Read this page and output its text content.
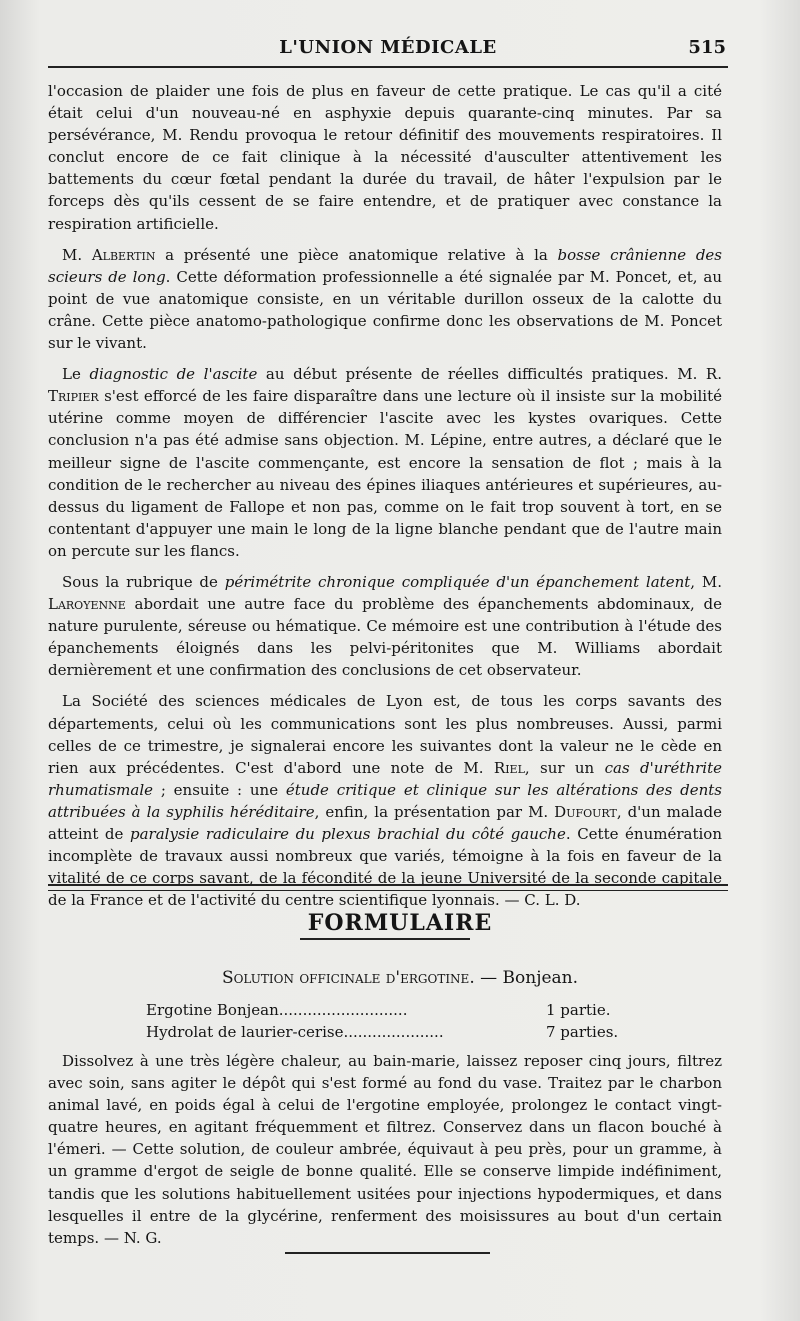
L'UNION MÉDICALE	515

l'occasion de plaider une fois de plus en faveur de cette pratique. Le cas qu'il a cité était celui d'un nouveau-né en asphyxie depuis quarante-cinq minutes. Par sa persévérance, M. Rendu provoqua le retour définitif des mouvements respiratoires. Il conclut encore de ce fait clinique à la nécessité d'ausculter attentivement les battements du cœur fœtal pendant la durée du travail, de hâter l'expulsion par le forceps dès qu'ils cessent de se faire entendre, et de pratiquer avec constance la respiration artificielle.

M. Albertin a présenté une pièce anatomique relative à la bosse crânienne des scieurs de long. Cette déformation professionnelle a été signalée par M. Poncet, et, au point de vue anatomique consiste, en un véritable durillon osseux de la calotte du crâne. Cette pièce anatomo-pathologique confirme donc les observations de M. Poncet sur le vivant.

Le diagnostic de l'ascite au début présente de réelles difficultés pratiques. M. R. Tripier s'est efforcé de les faire disparaître dans une lecture où il insiste sur la mobilité utérine comme moyen de différencier l'ascite avec les kystes ovariques. Cette conclusion n'a pas été admise sans objection. M. Lépine, entre autres, a déclaré que le meilleur signe de l'ascite commençante, est encore la sensation de flot ; mais à la condition de le rechercher au niveau des épines iliaques antérieures et supérieures, au-dessus du ligament de Fallope et non pas, comme on le fait trop souvent à tort, en se contentant d'appuyer une main le long de la ligne blanche pendant que de l'autre main on percute sur les flancs.

Sous la rubrique de périmétrite chronique compliquée d'un épanchement latent, M. Laroyenne abordait une autre face du problème des épanchements abdominaux, de nature purulente, séreuse ou hématique. Ce mémoire est une contribution à l'étude des épanchements éloignés dans les pelvi-péritonites que M. Williams abordait dernièrement et une confirmation des conclusions de cet observateur.

La Société des sciences médicales de Lyon est, de tous les corps savants des départements, celui où les communications sont les plus nombreuses. Aussi, parmi celles de ce trimestre, je signalerai encore les suivantes dont la valeur ne le cède en rien aux précédentes. C'est d'abord une note de M. Riel, sur un cas d'uréthrite rhumatismale ; ensuite : une étude critique et clinique sur les altérations des dents attribuées à la syphilis héréditaire, enfin, la présentation par M. Dufourt, d'un malade atteint de paralysie radiculaire du plexus brachial du côté gauche. Cette énumération incomplète de travaux aussi nombreux que variés, témoigne à la fois en faveur de la vitalité de ce corps savant, de la fécondité de la jeune Université de la seconde capitale de la France et de l'activité du centre scientifique lyonnais. — C. L. D.

FORMULAIRE
Solution officinale d'ergotine. — Bonjean.
Ergotine Bonjean...........................	1 partie.
Hydrolat de laurier-cerise.....................	7 parties.

Dissolvez à une très légère chaleur, au bain-marie, laissez reposer cinq jours, filtrez avec soin, sans agiter le dépôt qui s'est formé au fond du vase. Traitez par le charbon animal lavé, en poids égal à celui de l'ergotine employée, prolongez le contact vingt-quatre heures, en agitant fréquemment et filtrez. Conservez dans un flacon bouché à l'émeri. — Cette solution, de couleur ambrée, équivaut à peu près, pour un gramme, à un gramme d'ergot de seigle de bonne qualité. Elle se conserve limpide indéfiniment, tandis que les solutions habituellement usitées pour injections hypodermiques, et dans lesquelles il entre de la glycérine, renferment des moisissures au bout d'un certain temps. — N. G.
